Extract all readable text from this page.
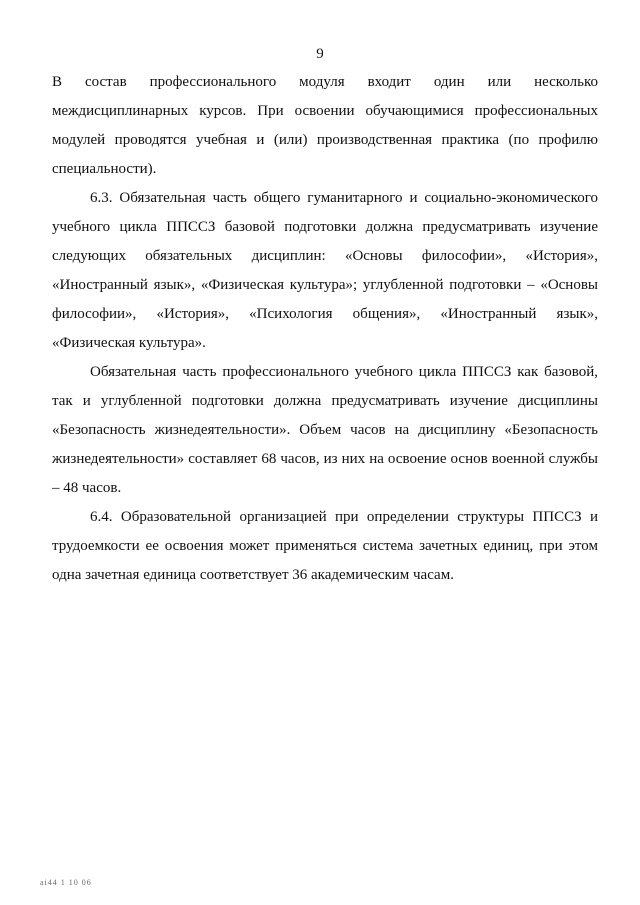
9

В состав профессионального модуля входит один или несколько междисциплинарных курсов. При освоении обучающимися профессиональных модулей проводятся учебная и (или) производственная практика (по профилю специальности).

6.3. Обязательная часть общего гуманитарного и социально-экономического учебного цикла ППССЗ базовой подготовки должна предусматривать изучение следующих обязательных дисциплин: «Основы философии», «История», «Иностранный язык», «Физическая культура»; углубленной подготовки – «Основы философии», «История», «Психология общения», «Иностранный язык», «Физическая культура».

Обязательная часть профессионального учебного цикла ППССЗ как базовой, так и углубленной подготовки должна предусматривать изучение дисциплины «Безопасность жизнедеятельности». Объем часов на дисциплину «Безопасность жизнедеятельности» составляет 68 часов, из них на освоение основ военной службы – 48 часов.

6.4. Образовательной организацией при определении структуры ППССЗ и трудоемкости ее освоения может применяться система зачетных единиц, при этом одна зачетная единица соответствует 36 академическим часам.

ai44 1 10 06
